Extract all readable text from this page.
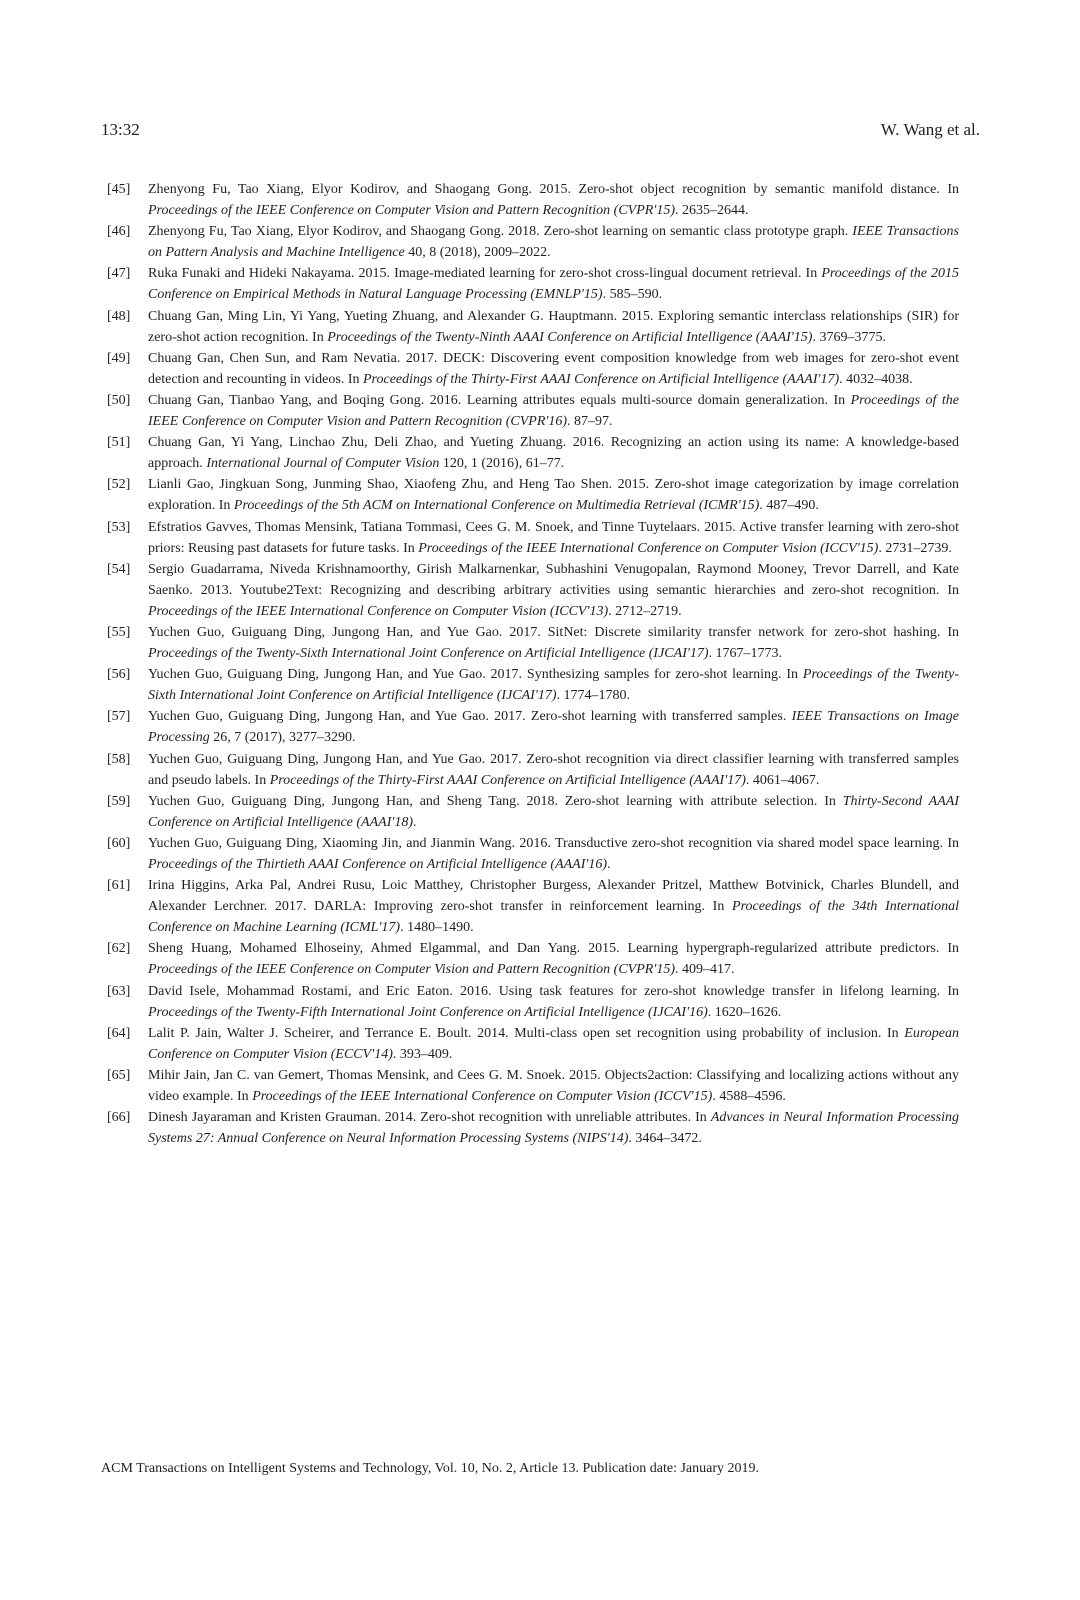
13:32	W. Wang et al.
[45] Zhenyong Fu, Tao Xiang, Elyor Kodirov, and Shaogang Gong. 2015. Zero-shot object recognition by semantic manifold distance. In Proceedings of the IEEE Conference on Computer Vision and Pattern Recognition (CVPR'15). 2635–2644.
[46] Zhenyong Fu, Tao Xiang, Elyor Kodirov, and Shaogang Gong. 2018. Zero-shot learning on semantic class prototype graph. IEEE Transactions on Pattern Analysis and Machine Intelligence 40, 8 (2018), 2009–2022.
[47] Ruka Funaki and Hideki Nakayama. 2015. Image-mediated learning for zero-shot cross-lingual document retrieval. In Proceedings of the 2015 Conference on Empirical Methods in Natural Language Processing (EMNLP'15). 585–590.
[48] Chuang Gan, Ming Lin, Yi Yang, Yueting Zhuang, and Alexander G. Hauptmann. 2015. Exploring semantic interclass relationships (SIR) for zero-shot action recognition. In Proceedings of the Twenty-Ninth AAAI Conference on Artificial Intelligence (AAAI'15). 3769–3775.
[49] Chuang Gan, Chen Sun, and Ram Nevatia. 2017. DECK: Discovering event composition knowledge from web images for zero-shot event detection and recounting in videos. In Proceedings of the Thirty-First AAAI Conference on Artificial Intelligence (AAAI'17). 4032–4038.
[50] Chuang Gan, Tianbao Yang, and Boqing Gong. 2016. Learning attributes equals multi-source domain generalization. In Proceedings of the IEEE Conference on Computer Vision and Pattern Recognition (CVPR'16). 87–97.
[51] Chuang Gan, Yi Yang, Linchao Zhu, Deli Zhao, and Yueting Zhuang. 2016. Recognizing an action using its name: A knowledge-based approach. International Journal of Computer Vision 120, 1 (2016), 61–77.
[52] Lianli Gao, Jingkuan Song, Junming Shao, Xiaofeng Zhu, and Heng Tao Shen. 2015. Zero-shot image categorization by image correlation exploration. In Proceedings of the 5th ACM on International Conference on Multimedia Retrieval (ICMR'15). 487–490.
[53] Efstratios Gavves, Thomas Mensink, Tatiana Tommasi, Cees G. M. Snoek, and Tinne Tuytelaars. 2015. Active transfer learning with zero-shot priors: Reusing past datasets for future tasks. In Proceedings of the IEEE International Conference on Computer Vision (ICCV'15). 2731–2739.
[54] Sergio Guadarrama, Niveda Krishnamoorthy, Girish Malkarnenkar, Subhashini Venugopalan, Raymond Mooney, Trevor Darrell, and Kate Saenko. 2013. Youtube2Text: Recognizing and describing arbitrary activities using semantic hierarchies and zero-shot recognition. In Proceedings of the IEEE International Conference on Computer Vision (ICCV'13). 2712–2719.
[55] Yuchen Guo, Guiguang Ding, Jungong Han, and Yue Gao. 2017. SitNet: Discrete similarity transfer network for zero-shot hashing. In Proceedings of the Twenty-Sixth International Joint Conference on Artificial Intelligence (IJCAI'17). 1767–1773.
[56] Yuchen Guo, Guiguang Ding, Jungong Han, and Yue Gao. 2017. Synthesizing samples for zero-shot learning. In Proceedings of the Twenty-Sixth International Joint Conference on Artificial Intelligence (IJCAI'17). 1774–1780.
[57] Yuchen Guo, Guiguang Ding, Jungong Han, and Yue Gao. 2017. Zero-shot learning with transferred samples. IEEE Transactions on Image Processing 26, 7 (2017), 3277–3290.
[58] Yuchen Guo, Guiguang Ding, Jungong Han, and Yue Gao. 2017. Zero-shot recognition via direct classifier learning with transferred samples and pseudo labels. In Proceedings of the Thirty-First AAAI Conference on Artificial Intelligence (AAAI'17). 4061–4067.
[59] Yuchen Guo, Guiguang Ding, Jungong Han, and Sheng Tang. 2018. Zero-shot learning with attribute selection. In Thirty-Second AAAI Conference on Artificial Intelligence (AAAI'18).
[60] Yuchen Guo, Guiguang Ding, Xiaoming Jin, and Jianmin Wang. 2016. Transductive zero-shot recognition via shared model space learning. In Proceedings of the Thirtieth AAAI Conference on Artificial Intelligence (AAAI'16).
[61] Irina Higgins, Arka Pal, Andrei Rusu, Loic Matthey, Christopher Burgess, Alexander Pritzel, Matthew Botvinick, Charles Blundell, and Alexander Lerchner. 2017. DARLA: Improving zero-shot transfer in reinforcement learning. In Proceedings of the 34th International Conference on Machine Learning (ICML'17). 1480–1490.
[62] Sheng Huang, Mohamed Elhoseiny, Ahmed Elgammal, and Dan Yang. 2015. Learning hypergraph-regularized attribute predictors. In Proceedings of the IEEE Conference on Computer Vision and Pattern Recognition (CVPR'15). 409–417.
[63] David Isele, Mohammad Rostami, and Eric Eaton. 2016. Using task features for zero-shot knowledge transfer in lifelong learning. In Proceedings of the Twenty-Fifth International Joint Conference on Artificial Intelligence (IJCAI'16). 1620–1626.
[64] Lalit P. Jain, Walter J. Scheirer, and Terrance E. Boult. 2014. Multi-class open set recognition using probability of inclusion. In European Conference on Computer Vision (ECCV'14). 393–409.
[65] Mihir Jain, Jan C. van Gemert, Thomas Mensink, and Cees G. M. Snoek. 2015. Objects2action: Classifying and localizing actions without any video example. In Proceedings of the IEEE International Conference on Computer Vision (ICCV'15). 4588–4596.
[66] Dinesh Jayaraman and Kristen Grauman. 2014. Zero-shot recognition with unreliable attributes. In Advances in Neural Information Processing Systems 27: Annual Conference on Neural Information Processing Systems (NIPS'14). 3464–3472.
ACM Transactions on Intelligent Systems and Technology, Vol. 10, No. 2, Article 13. Publication date: January 2019.
